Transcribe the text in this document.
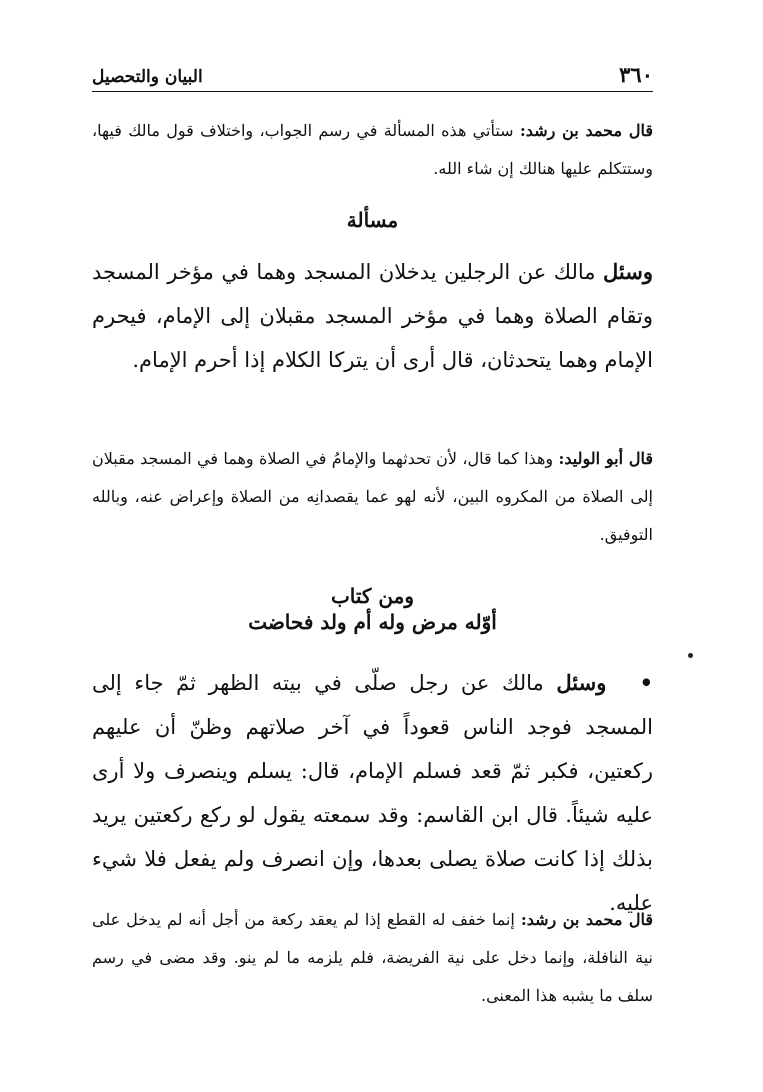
٣٦٠
البيان والتحصيل

قال محمد بن رشد: ستأتي هذه المسألة في رسم الجواب، واختلاف قول مالك فيها، وستتكلم عليها هنالك إن شاء الله.

مسألة

وسئل مالك عن الرجلين يدخلان المسجد وهما في مؤخر المسجد وتقام الصلاة وهما في مؤخر المسجد مقبلان إلى الإمام، فيحرم الإمام وهما يتحدثان، قال أرى أن يتركا الكلام إذا أحرم الإمام.

قال أبو الوليد: وهذا كما قال، لأن تحدثهما والإمامُ في الصلاة وهما في المسجد مقبلان إلى الصلاة من المكروه البين، لأنه لهو عما يقصدانِه من الصلاة وإعراض عنه، وبالله التوفيق.

ومن كتاب
أوّله مرض وله أم ولد فحاضت

• وسئل مالك عن رجل صلّى في بيته الظهر ثمّ جاء إلى المسجد فوجد الناس قعوداً في آخر صلاتهم وظنّ أن عليهم ركعتين، فكبر ثمّ قعد فسلم الإمام، قال: يسلم وينصرف ولا أرى عليه شيئاً. قال ابن القاسم: وقد سمعته يقول لو ركع ركعتين يريد بذلك إذا كانت صلاة يصلى بعدها، وإن انصرف ولم يفعل فلا شيء عليه.

قال محمد بن رشد: إنما خفف له القطع إذا لم يعقد ركعة من أجل أنه لم يدخل على نية النافلة، وإنما دخل على نية الفريضة، فلم يلزمه ما لم ينو. وقد مضى في رسم سلف ما يشبه هذا المعنى.
